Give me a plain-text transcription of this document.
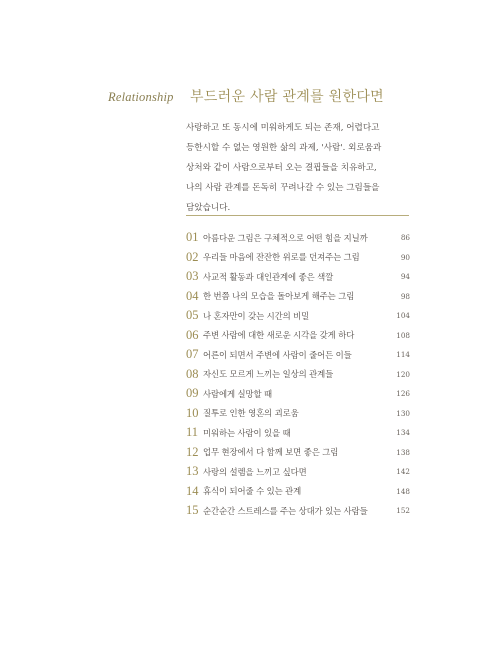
Relationship	부드러운 사람 관계를 원한다면

사랑하고 또 동시에 미워하게도 되는 존재, 어렵다고
등한시할 수 없는 영원한 삶의 과제, '사람'. 외로움과
상처와 같이 사람으로부터 오는 결핍들을 치유하고,
나의 사람 관계를 돈독히 꾸려나갈 수 있는 그림들을
담았습니다.

01 아름다운 그림은 구체적으로 어떤 힘을 지닐까	86
02 우리들 마음에 잔잔한 위로를 던져주는 그림	90
03 사교적 활동과 대인관계에 좋은 색깔	94
04 한 번쯤 나의 모습을 돌아보게 해주는 그림	98
05 나 혼자만이 갖는 시간의 비밀	104
06 주변 사람에 대한 새로운 시각을 갖게 하다	108
07 어른이 되면서 주변에 사람이 줄어든 이들	114
08 자신도 모르게 느끼는 일상의 관계들	120
09 사람에게 실망할 때	126
10 질투로 인한 영혼의 괴로움	130
11 미워하는 사람이 있을 때	134
12 업무 현장에서 다 함께 보면 좋은 그림	138
13 사랑의 설렘을 느끼고 싶다면	142
14 휴식이 되어줄 수 있는 관계	148
15 순간순간 스트레스를 주는 상대가 있는 사람들	152
